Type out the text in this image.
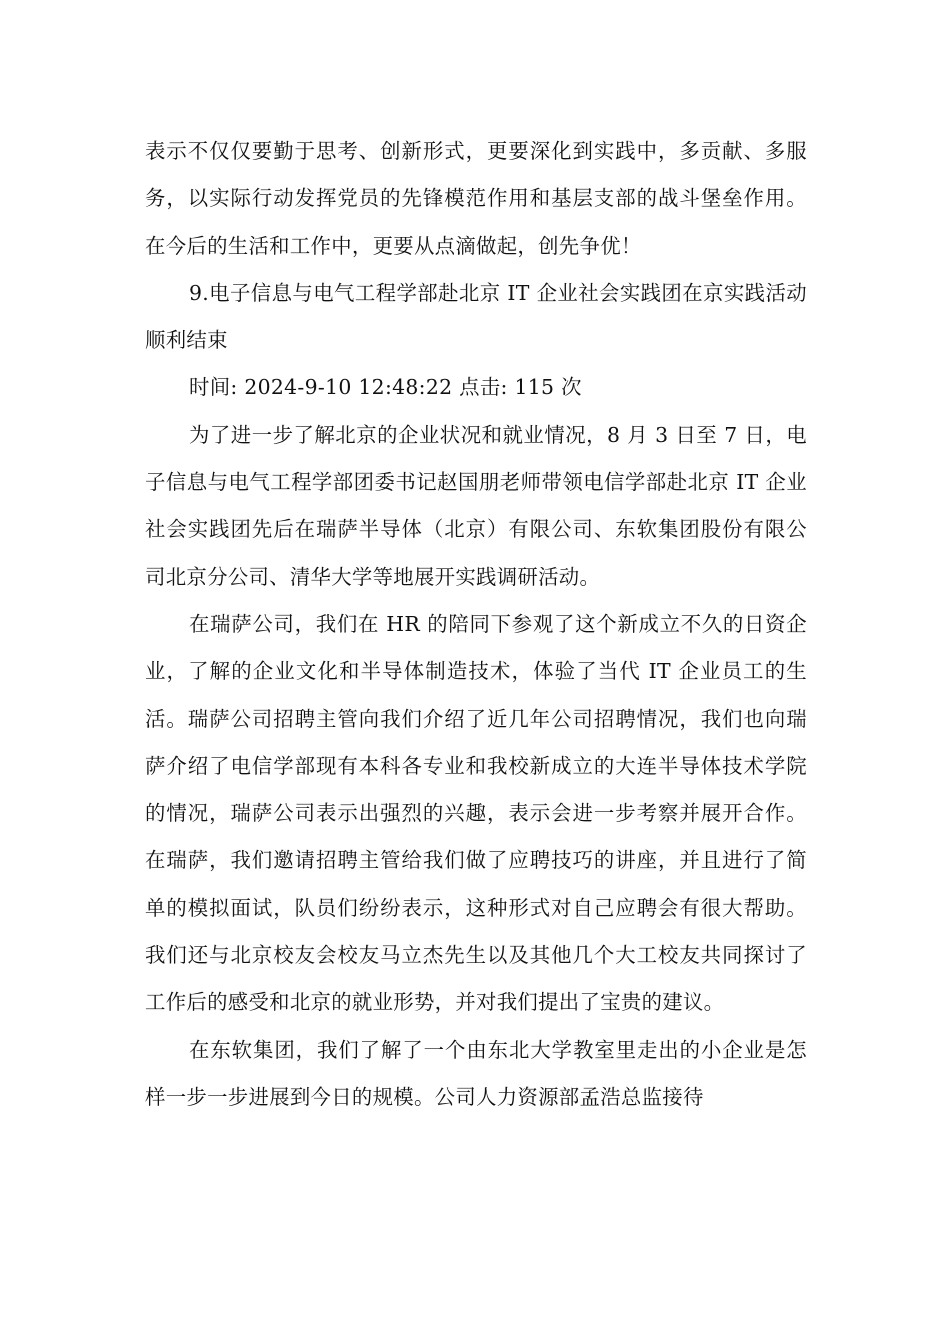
表示不仅仅要勤于思考、创新形式，更要深化到实践中，多贡献、多服务，以实际行动发挥党员的先锋模范作用和基层支部的战斗堡垒作用。在今后的生活和工作中，更要从点滴做起，创先争优！

9.电子信息与电气工程学部赴北京 IT 企业社会实践团在京实践活动顺利结束

时间: 2024-9-10 12:48:22 点击: 115 次

为了进一步了解北京的企业状况和就业情况，8 月 3 日至 7 日，电子信息与电气工程学部团委书记赵国朋老师带领电信学部赴北京 IT 企业社会实践团先后在瑞萨半导体（北京）有限公司、东软集团股份有限公司北京分公司、清华大学等地展开实践调研活动。

在瑞萨公司，我们在 HR 的陪同下参观了这个新成立不久的日资企业，了解的企业文化和半导体制造技术，体验了当代 IT 企业员工的生活。瑞萨公司招聘主管向我们介绍了近几年公司招聘情况，我们也向瑞萨介绍了电信学部现有本科各专业和我校新成立的大连半导体技术学院的情况，瑞萨公司表示出强烈的兴趣，表示会进一步考察并展开合作。在瑞萨，我们邀请招聘主管给我们做了应聘技巧的讲座，并且进行了简单的模拟面试，队员们纷纷表示，这种形式对自己应聘会有很大帮助。我们还与北京校友会校友马立杰先生以及其他几个大工校友共同探讨了工作后的感受和北京的就业形势，并对我们提出了宝贵的建议。

在东软集团，我们了解了一个由东北大学教室里走出的小企业是怎样一步一步进展到今日的规模。公司人力资源部孟浩总监接待
